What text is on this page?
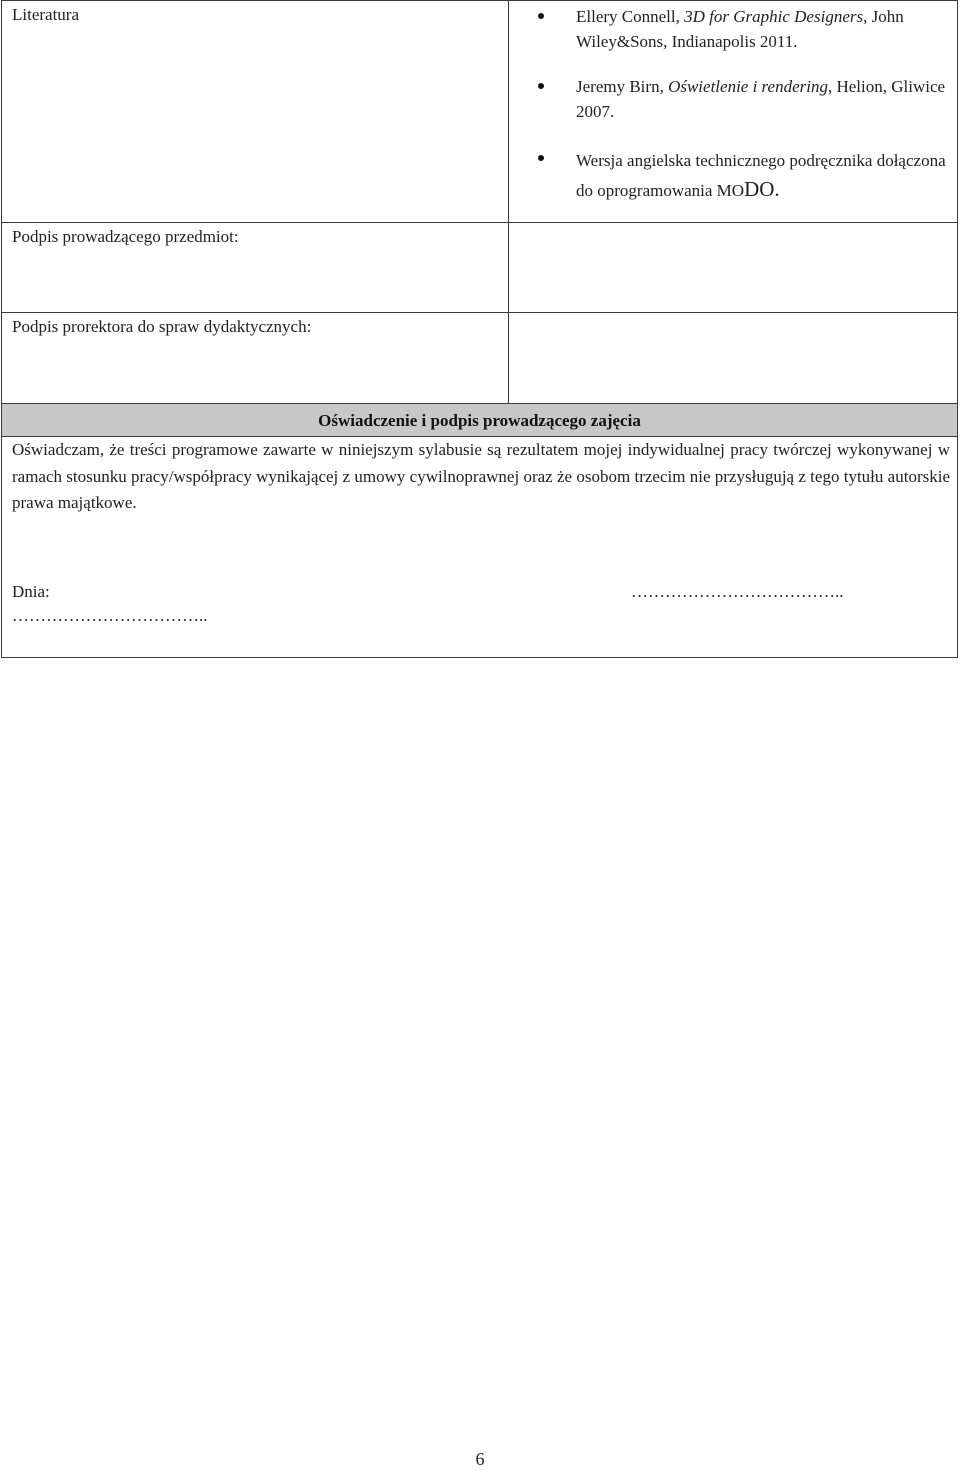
Literatura	Ellery Connell, 3D for Graphic Designers, John Wiley&Sons, Indianapolis 2011.
Jeremy Birn, Oświetlenie i rendering, Helion, Gliwice 2007.
Wersja angielska technicznego podręcznika dołączona do oprogramowania MODO.
Podpis prowadzącego przedmiot:
Podpis prorektora do spraw dydaktycznych:
Oświadczenie i podpis prowadzącego zajęcia
Oświadczam, że treści programowe zawarte w niniejszym sylabusie są rezultatem mojej indywidualnej pracy twórczej wykonywanej w ramach stosunku pracy/współpracy wynikającej z umowy cywilnoprawnej oraz że osobom trzecim nie przysługują z tego tytułu autorskie prawa majątkowe.
Dnia:
……………………………..
………………………………..
6
